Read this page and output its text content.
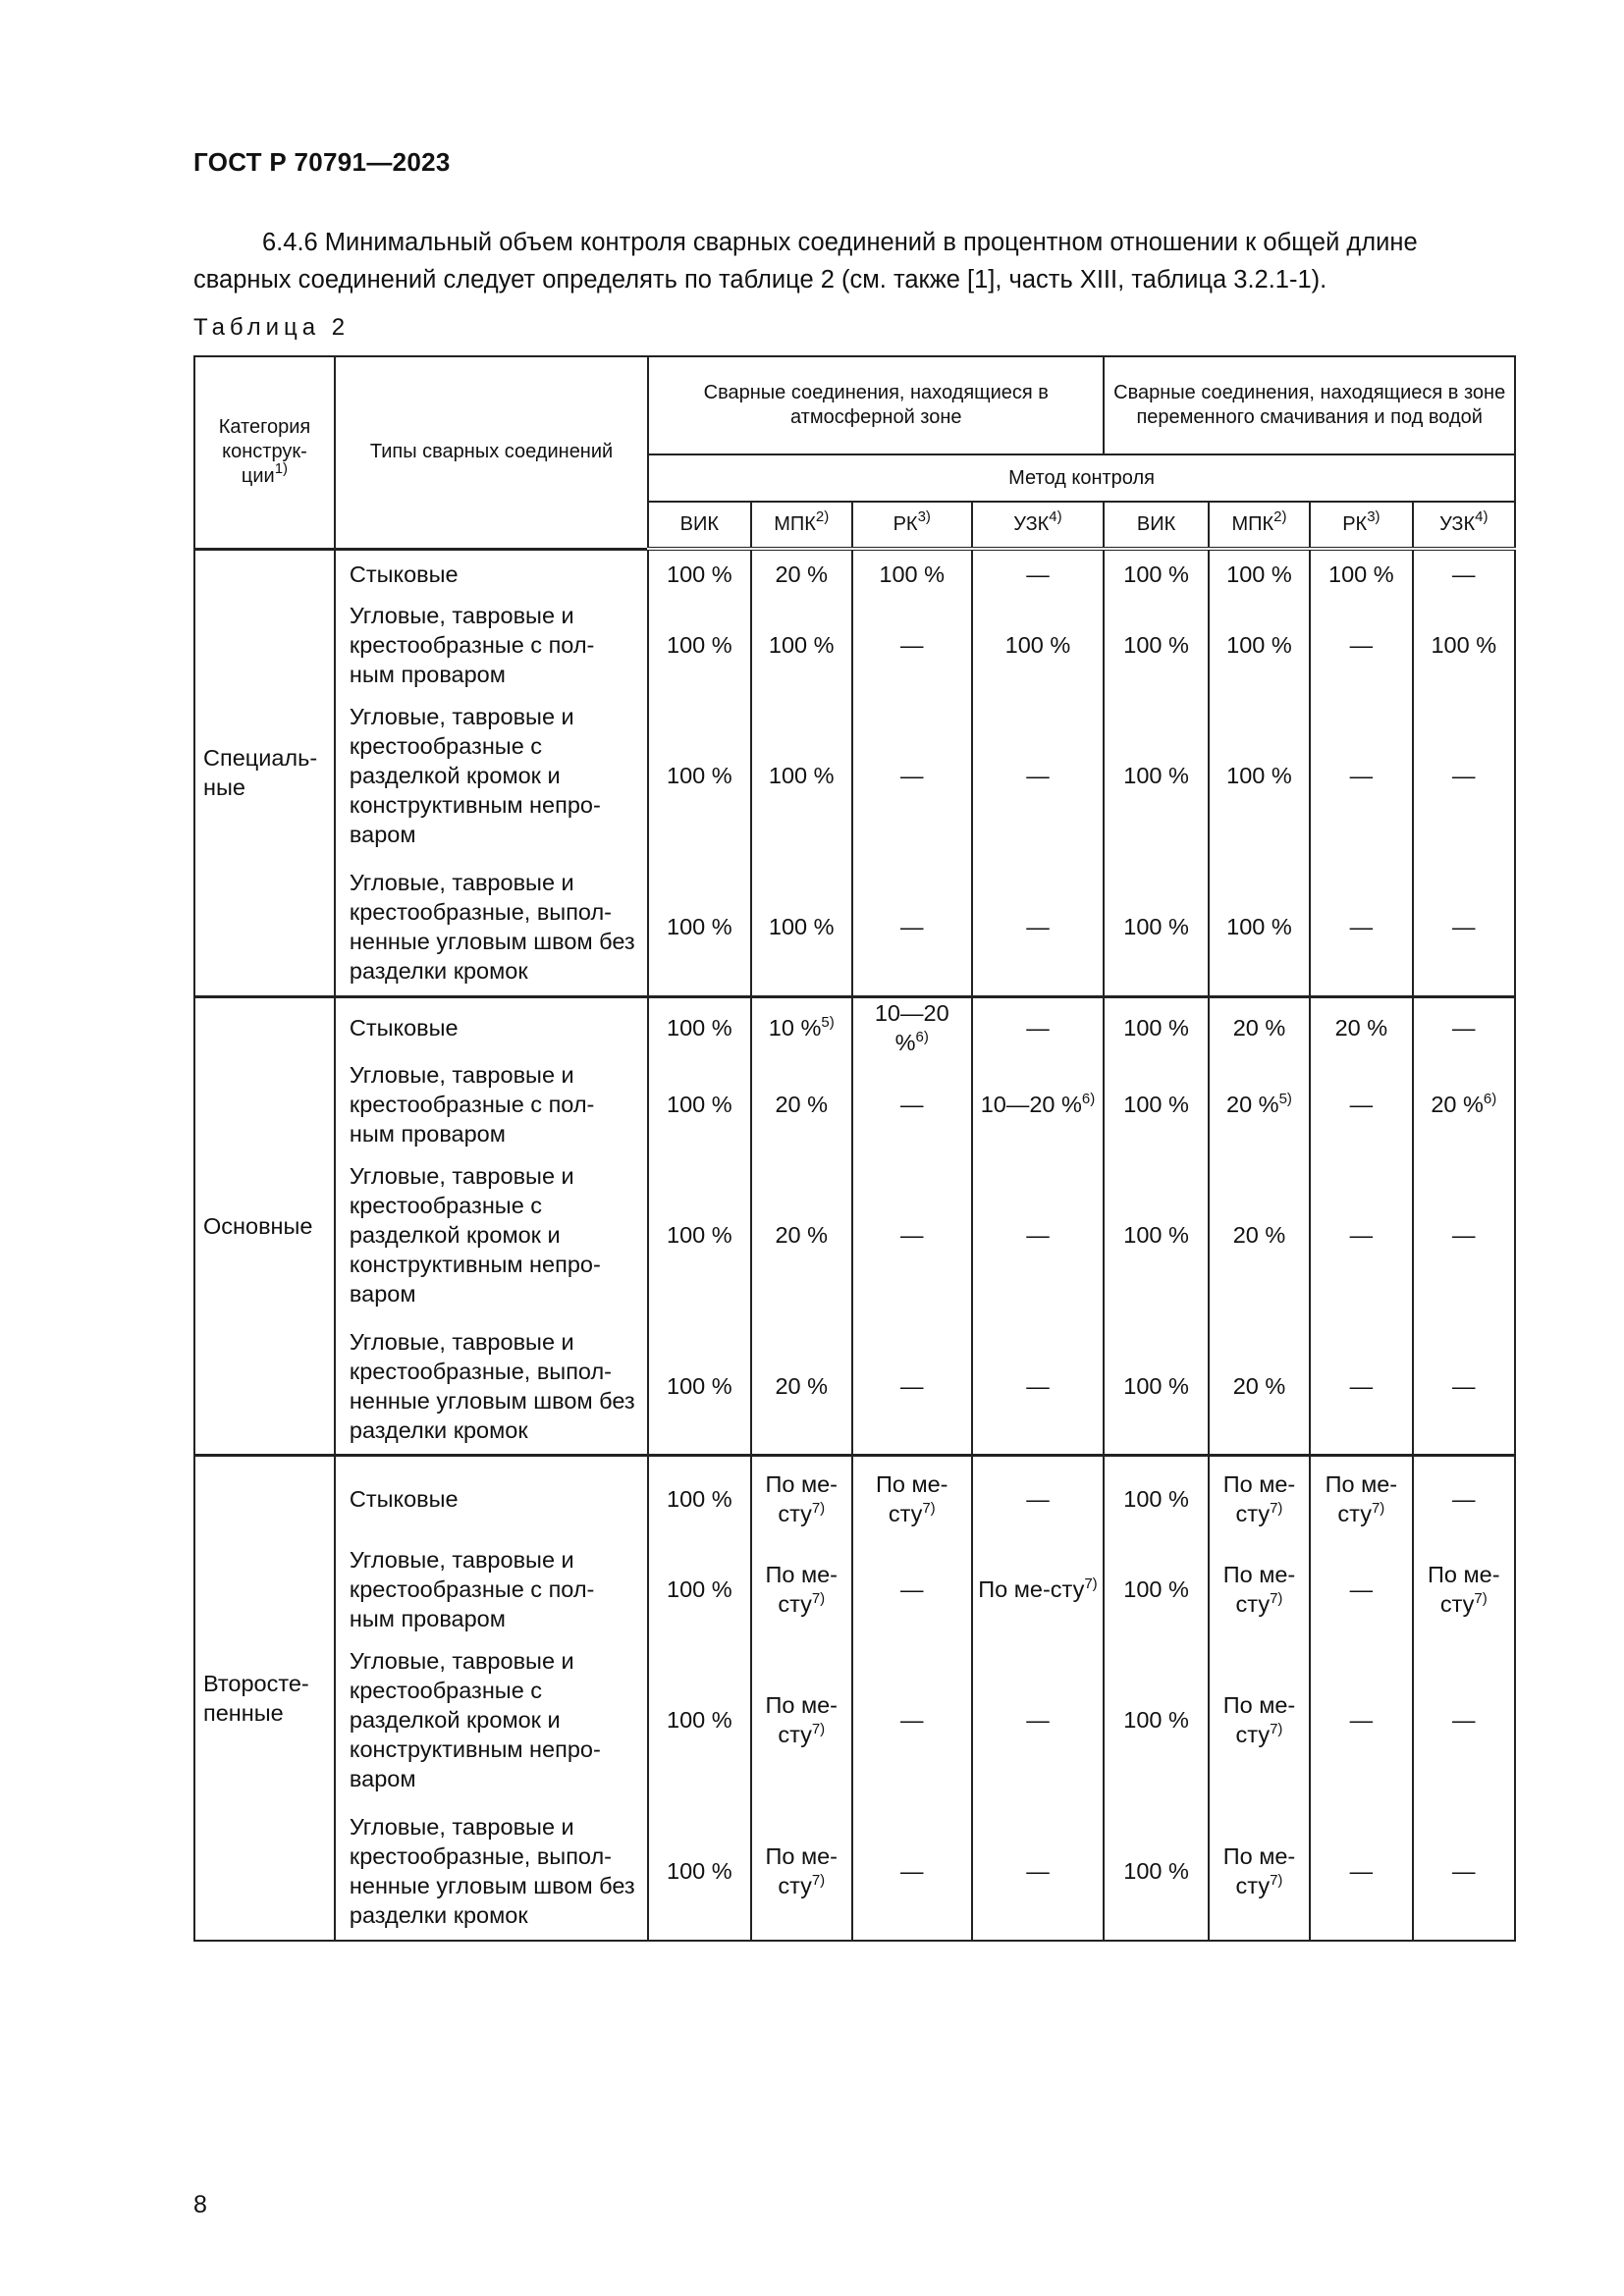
ГОСТ Р 70791—2023

6.4.6 Минимальный объем контроля сварных соединений в процентном отношении к общей длине сварных соединений следует определять по таблице 2 (см. также [1], часть XIII, таблица 3.2.1-1).

Таблица 2
Категория конструк-ции$^{1)}$	Типы сварных соединений	Сварные соединения, находящиеся в атмосферной зоне				Сварные соединения, находящиеся в зоне переменного смачивания и под водой			
		Метод контроля							
		ВИК	МПК$^{2)}$	РК$^{3)}$	УЗК$^{4)}$	ВИК	МПК$^{2)}$	РК$^{3)}$	УЗК$^{4)}$
Специаль-ные	Стыковые	100 %	20 %	100 %	—	100 %	100 %	100 %	—
	Угловые, тавровые и крестообразные с пол-ным проваром	100 %	100 %	—	100 %	100 %	100 %	—	100 %
	Угловые, тавровые и крестообразные с разделкой кромок и конструктивным непро-варом	100 %	100 %	—	—	100 %	100 %	—	—
	Угловые, тавровые и крестообразные, выпол-ненные угловым швом без разделки кромок	100 %	100 %	—	—	100 %	100 %	—	—
Основные	Стыковые	100 %	10 %$^{5)}$	10—20 %$^{6)}$	—	100 %	20 %	20 %	—
	Угловые, тавровые и крестообразные с пол-ным проваром	100 %	20 %	—	10—20 %$^{6)}$	100 %	20 %$^{5)}$	—	20 %$^{6)}$
	Угловые, тавровые и крестообразные с разделкой кромок и конструктивным непро-варом	100 %	20 %	—	—	100 %	20 %	—	—
	Угловые, тавровые и крестообразные, выпол-ненные угловым швом без разделки кромок	100 %	20 %	—	—	100 %	20 %	—	—
Второсте-пенные	Стыковые	100 %	По ме-сту$^{7)}$	По ме-сту$^{7)}$	—	100 %	По ме-сту$^{7)}$	По ме-сту$^{7)}$	—
	Угловые, тавровые и крестообразные с пол-ным проваром	100 %	По ме-сту$^{7)}$	—	По ме-сту$^{7)}$	100 %	По ме-сту$^{7)}$	—	По ме-сту$^{7)}$
	Угловые, тавровые и крестообразные с разделкой кромок и конструктивным непро-варом	100 %	По ме-сту$^{7)}$	—	—	100 %	По ме-сту$^{7)}$	—	—
	Угловые, тавровые и крестообразные, выпол-ненные угловым швом без разделки кромок	100 %	По ме-сту$^{7)}$	—	—	100 %	По ме-сту$^{7)}$	—	—
8
